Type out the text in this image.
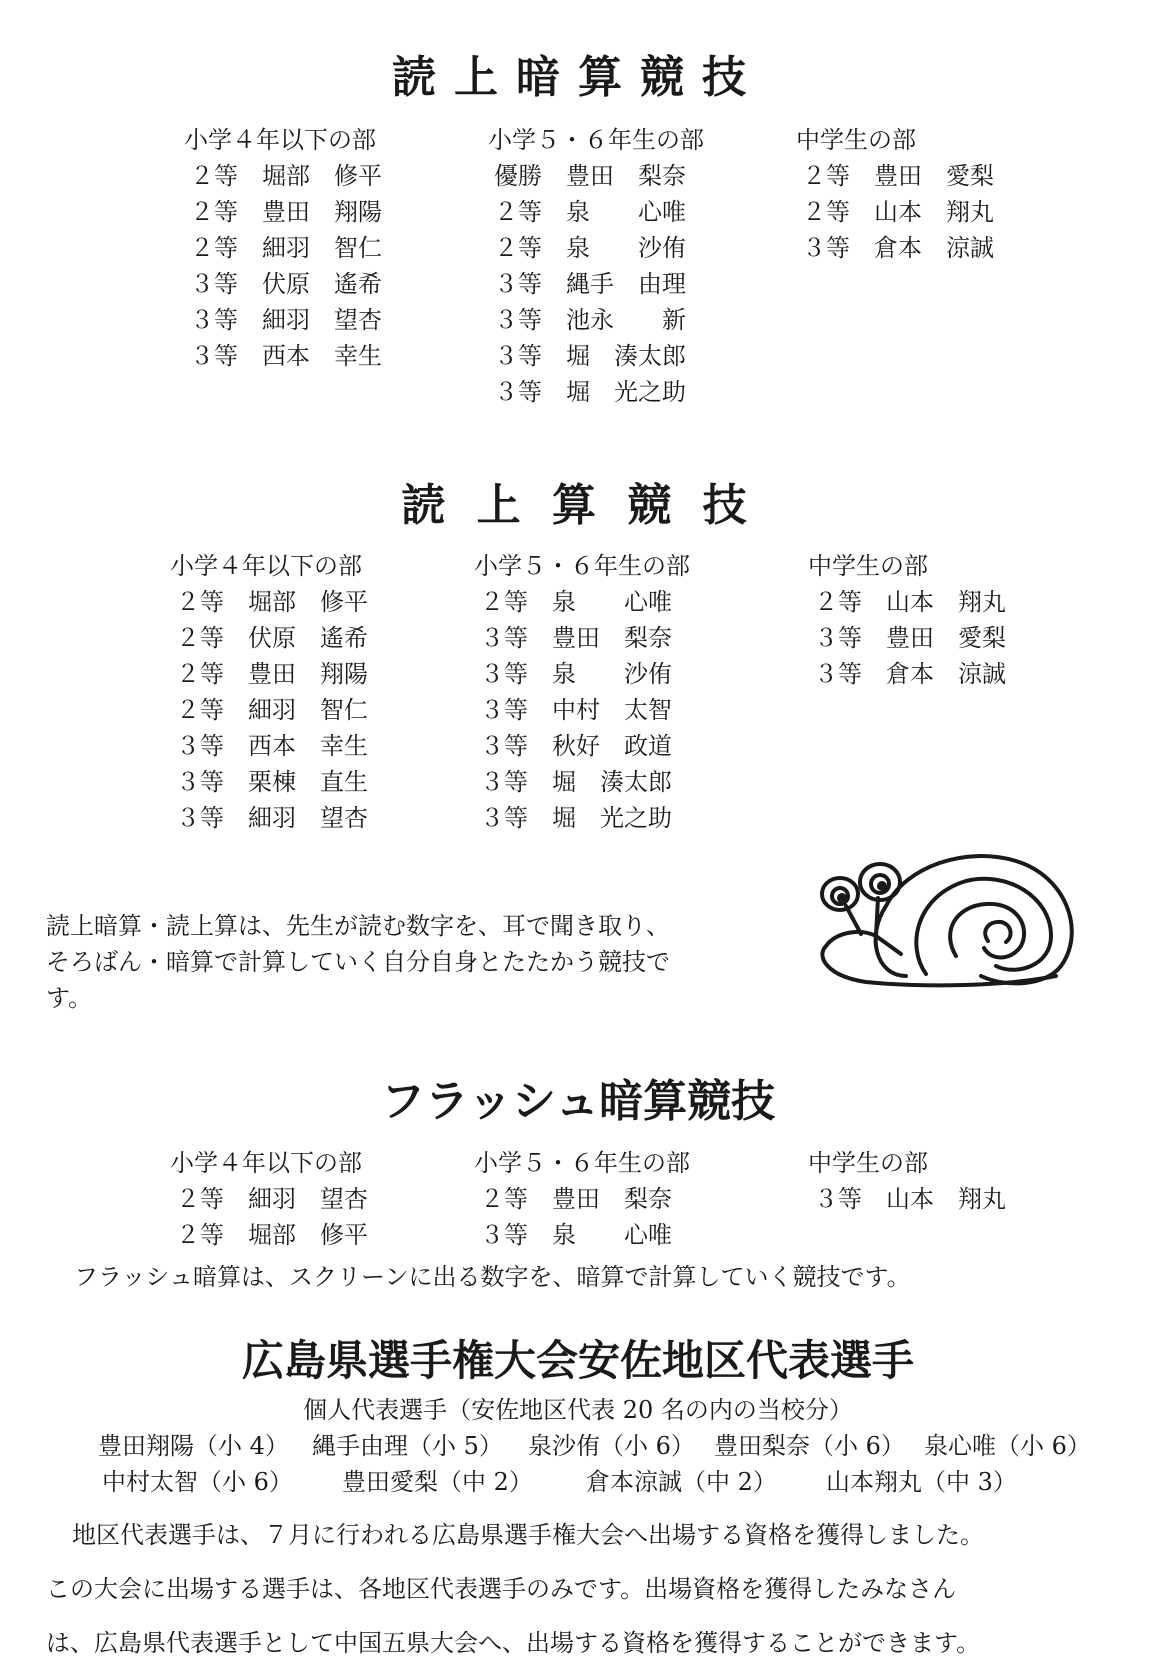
読上暗算競技
小学４年以下の部
２等　堀部　修平
２等　豊田　翔陽
２等　細羽　智仁
３等　伏原　遙希
３等　細羽　望杏
３等　西本　幸生
小学５・６年生の部
優勝　豊田　梨奈
２等　泉　　心唯
２等　泉　　沙侑
３等　縄手　由理
３等　池永　　新
３等　堀　湊太郎
３等　堀　光之助
中学生の部
２等　豊田　愛梨
２等　山本　翔丸
３等　倉本　涼誠
読 上 算 競 技
小学４年以下の部
２等　堀部　修平
２等　伏原　遙希
２等　豊田　翔陽
２等　細羽　智仁
３等　西本　幸生
３等　栗棟　直生
３等　細羽　望杏
小学５・６年生の部
２等　泉　　心唯
３等　豊田　梨奈
３等　泉　　沙侑
３等　中村　太智
３等　秋好　政道
３等　堀　湊太郎
３等　堀　光之助
中学生の部
２等　山本　翔丸
３等　豊田　愛梨
３等　倉本　涼誠
読上暗算・読上算は、先生が読む数字を、耳で聞き取り、
そろばん・暗算で計算していく自分自身とたたかう競技で
す。
フラッシュ暗算競技
小学４年以下の部
２等　細羽　望杏
２等　堀部　修平
小学５・６年生の部
２等　豊田　梨奈
３等　泉　　心唯
中学生の部
３等　山本　翔丸
フラッシュ暗算は、スクリーンに出る数字を、暗算で計算していく競技です。
広島県選手権大会安佐地区代表選手
個人代表選手（安佐地区代表 20 名の内の当校分）
豊田翔陽（小 4） 縄手由理（小 5） 泉沙侑（小 6） 豊田梨奈（小 6） 泉心唯（小 6）
中村太智（小 6） 豊田愛梨（中 2） 倉本涼誠（中 2） 山本翔丸（中 3）
地区代表選手は、７月に行われる広島県選手権大会へ出場する資格を獲得しました。
この大会に出場する選手は、各地区代表選手のみです。出場資格を獲得したみなさん
は、広島県代表選手として中国五県大会へ、出場する資格を獲得することができます。
